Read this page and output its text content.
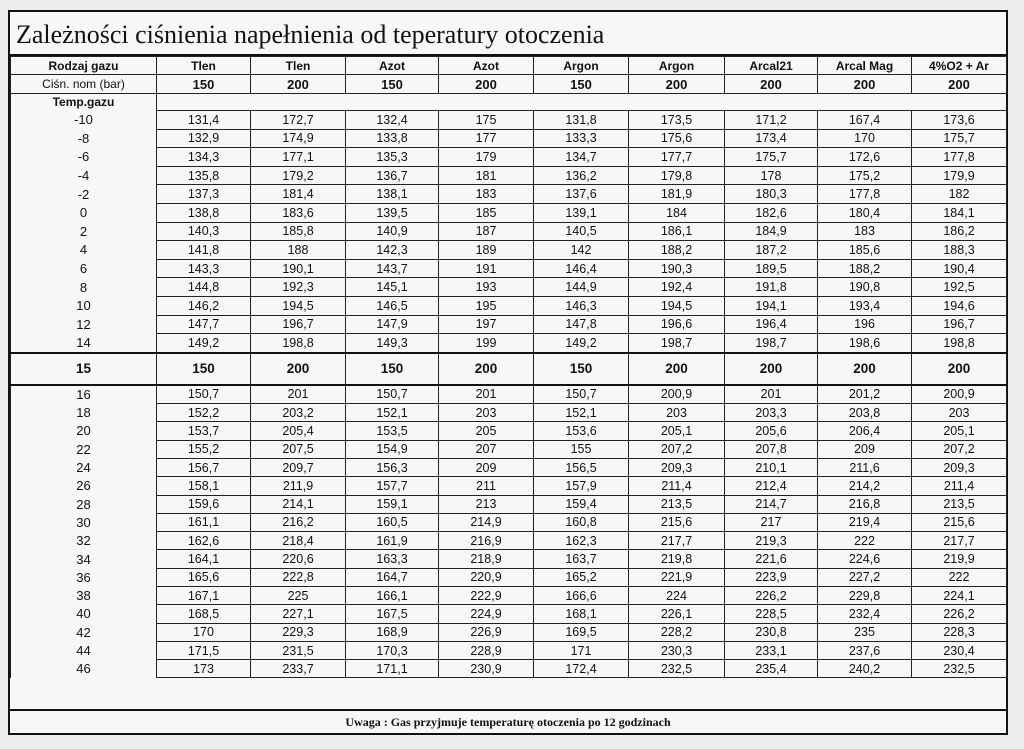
Zależności ciśnienia napełnienia od teperatury otoczenia
Rodzaj gazu	Tlen	Tlen	Azot	Azot	Argon	Argon	Arcal21	Arcal Mag	4%O2 + Ar
Ciśn. nom (bar)	150	200	150	200	150	200	200	200	200
Temp.gazu									
-10	131,4	172,7	132,4	175	131,8	173,5	171,2	167,4	173,6
-8	132,9	174,9	133,8	177	133,3	175,6	173,4	170	175,7
-6	134,3	177,1	135,3	179	134,7	177,7	175,7	172,6	177,8
-4	135,8	179,2	136,7	181	136,2	179,8	178	175,2	179,9
-2	137,3	181,4	138,1	183	137,6	181,9	180,3	177,8	182
0	138,8	183,6	139,5	185	139,1	184	182,6	180,4	184,1
2	140,3	185,8	140,9	187	140,5	186,1	184,9	183	186,2
4	141,8	188	142,3	189	142	188,2	187,2	185,6	188,3
6	143,3	190,1	143,7	191	146,4	190,3	189,5	188,2	190,4
8	144,8	192,3	145,1	193	144,9	192,4	191,8	190,8	192,5
10	146,2	194,5	146,5	195	146,3	194,5	194,1	193,4	194,6
12	147,7	196,7	147,9	197	147,8	196,6	196,4	196	196,7
14	149,2	198,8	149,3	199	149,2	198,7	198,7	198,6	198,8
15	150	200	150	200	150	200	200	200	200
16	150,7	201	150,7	201	150,7	200,9	201	201,2	200,9
18	152,2	203,2	152,1	203	152,1	203	203,3	203,8	203
20	153,7	205,4	153,5	205	153,6	205,1	205,6	206,4	205,1
22	155,2	207,5	154,9	207	155	207,2	207,8	209	207,2
24	156,7	209,7	156,3	209	156,5	209,3	210,1	211,6	209,3
26	158,1	211,9	157,7	211	157,9	211,4	212,4	214,2	211,4
28	159,6	214,1	159,1	213	159,4	213,5	214,7	216,8	213,5
30	161,1	216,2	160,5	214,9	160,8	215,6	217	219,4	215,6
32	162,6	218,4	161,9	216,9	162,3	217,7	219,3	222	217,7
34	164,1	220,6	163,3	218,9	163,7	219,8	221,6	224,6	219,9
36	165,6	222,8	164,7	220,9	165,2	221,9	223,9	227,2	222
38	167,1	225	166,1	222,9	166,6	224	226,2	229,8	224,1
40	168,5	227,1	167,5	224,9	168,1	226,1	228,5	232,4	226,2
42	170	229,3	168,9	226,9	169,5	228,2	230,8	235	228,3
44	171,5	231,5	170,3	228,9	171	230,3	233,1	237,6	230,4
46	173	233,7	171,1	230,9	172,4	232,5	235,4	240,2	232,5
Uwaga : Gas przyjmuje temperaturę otoczenia po 12 godzinach
